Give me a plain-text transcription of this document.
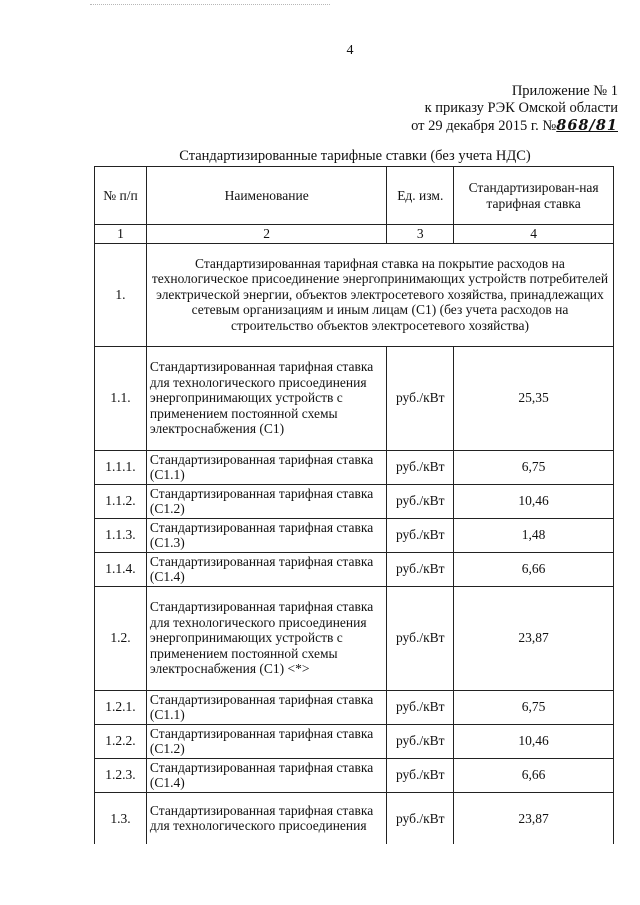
4
Приложение № 1
к приказу РЭК Омской области
от 29 декабря 2015 г. №868/81
Стандартизированные тарифные ставки (без учета НДС)
№ п/п	Наименование	Ед. изм.	Стандартизирован-ная тарифная ставка
1	2	3	4
1.	Стандартизированная тарифная ставка на покрытие расходов на технологическое присоединение энергопринимающих устройств потребителей электрической энергии, объектов электросетевого хозяйства, принадлежащих сетевым организациям и иным лицам (С1) (без учета расходов на строительство объектов электросетевого хозяйства)		
1.1.	Стандартизированная тарифная ставка для технологического присоединения энергопринимающих устройств с применением постоянной схемы электроснабжения (С1)	руб./кВт	25,35
1.1.1.	Стандартизированная тарифная ставка (С1.1)	руб./кВт	6,75
1.1.2.	Стандартизированная тарифная ставка (С1.2)	руб./кВт	10,46
1.1.3.	Стандартизированная тарифная ставка (С1.3)	руб./кВт	1,48
1.1.4.	Стандартизированная тарифная ставка (С1.4)	руб./кВт	6,66
1.2.	Стандартизированная тарифная ставка для технологического присоединения энергопринимающих устройств с применением постоянной схемы электроснабжения (С1) <*>	руб./кВт	23,87
1.2.1.	Стандартизированная тарифная ставка (С1.1)	руб./кВт	6,75
1.2.2.	Стандартизированная тарифная ставка (С1.2)	руб./кВт	10,46
1.2.3.	Стандартизированная тарифная ставка (С1.4)	руб./кВт	6,66
1.3.	Стандартизированная тарифная ставка для технологического присоединения	руб./кВт	23,87
